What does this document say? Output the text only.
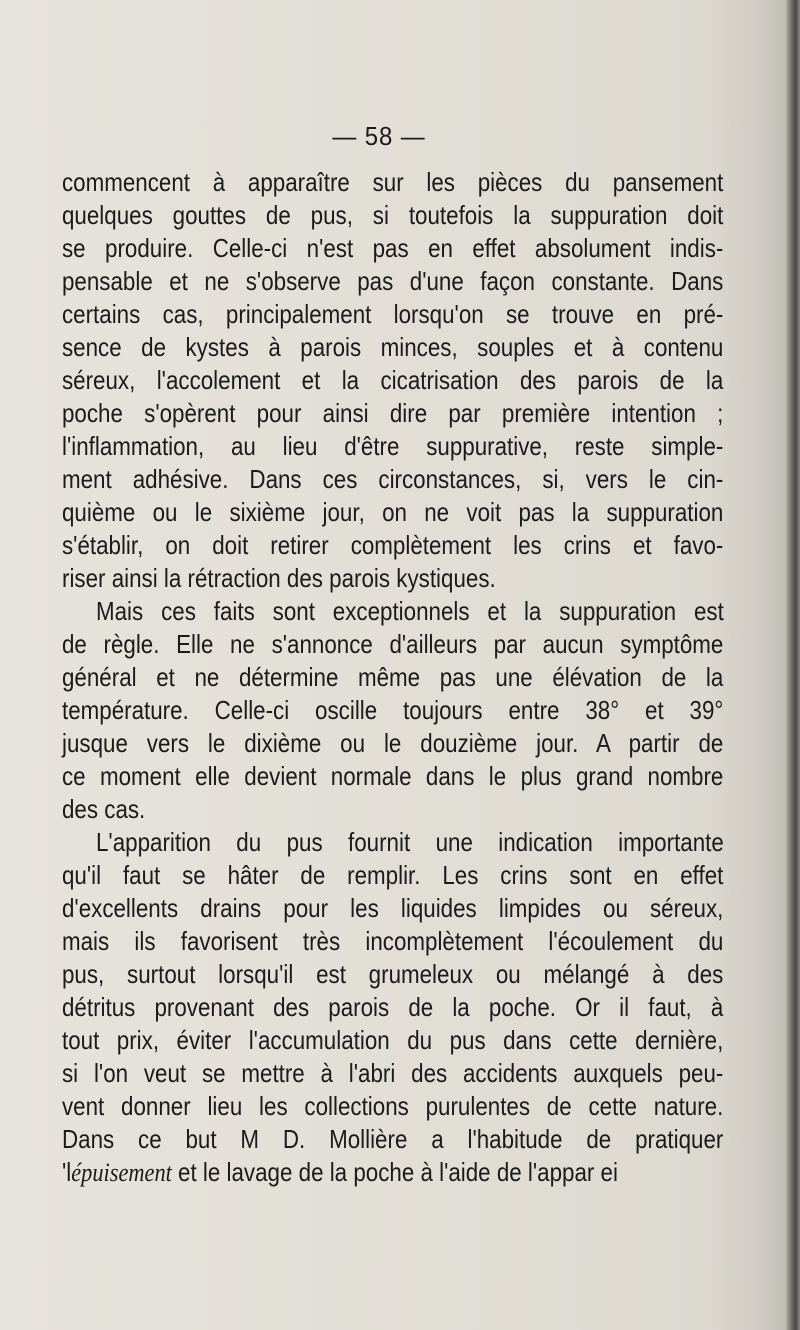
— 58 —
commencent à apparaître sur les pièces du pansement
quelques gouttes de pus, si toutefois la suppuration doit
se produire. Celle-ci n'est pas en effet absolument indis-
pensable et ne s'observe pas d'une façon constante. Dans
certains cas, principalement lorsqu'on se trouve en pré-
sence de kystes à parois minces, souples et à contenu
séreux, l'accolement et la cicatrisation des parois de la
poche s'opèrent pour ainsi dire par première intention ;
l'inflammation, au lieu d'être suppurative, reste simple-
ment adhésive. Dans ces circonstances, si, vers le cin-
quième ou le sixième jour, on ne voit pas la suppuration
s'établir, on doit retirer complètement les crins et favo-
riser ainsi la rétraction des parois kystiques.
Mais ces faits sont exceptionnels et la suppuration est
de règle. Elle ne s'annonce d'ailleurs par aucun symptôme
général et ne détermine même pas une élévation de la
température. Celle-ci oscille toujours entre 38° et 39°
jusque vers le dixième ou le douzième jour. A partir de
ce moment elle devient normale dans le plus grand nombre
des cas.
L'apparition du pus fournit une indication importante
qu'il faut se hâter de remplir. Les crins sont en effet
d'excellents drains pour les liquides limpides ou séreux,
mais ils favorisent très incomplètement l'écoulement du
pus, surtout lorsqu'il est grumeleux ou mélangé à des
détritus provenant des parois de la poche. Or il faut, à
tout prix, éviter l'accumulation du pus dans cette dernière,
si l'on veut se mettre à l'abri des accidents auxquels peu-
vent donner lieu les collections purulentes de cette nature.
Dans ce but M D. Mollière a l'habitude de pratiquer
'lépuisement et le lavage de la poche à l'aide de l'appar ei
